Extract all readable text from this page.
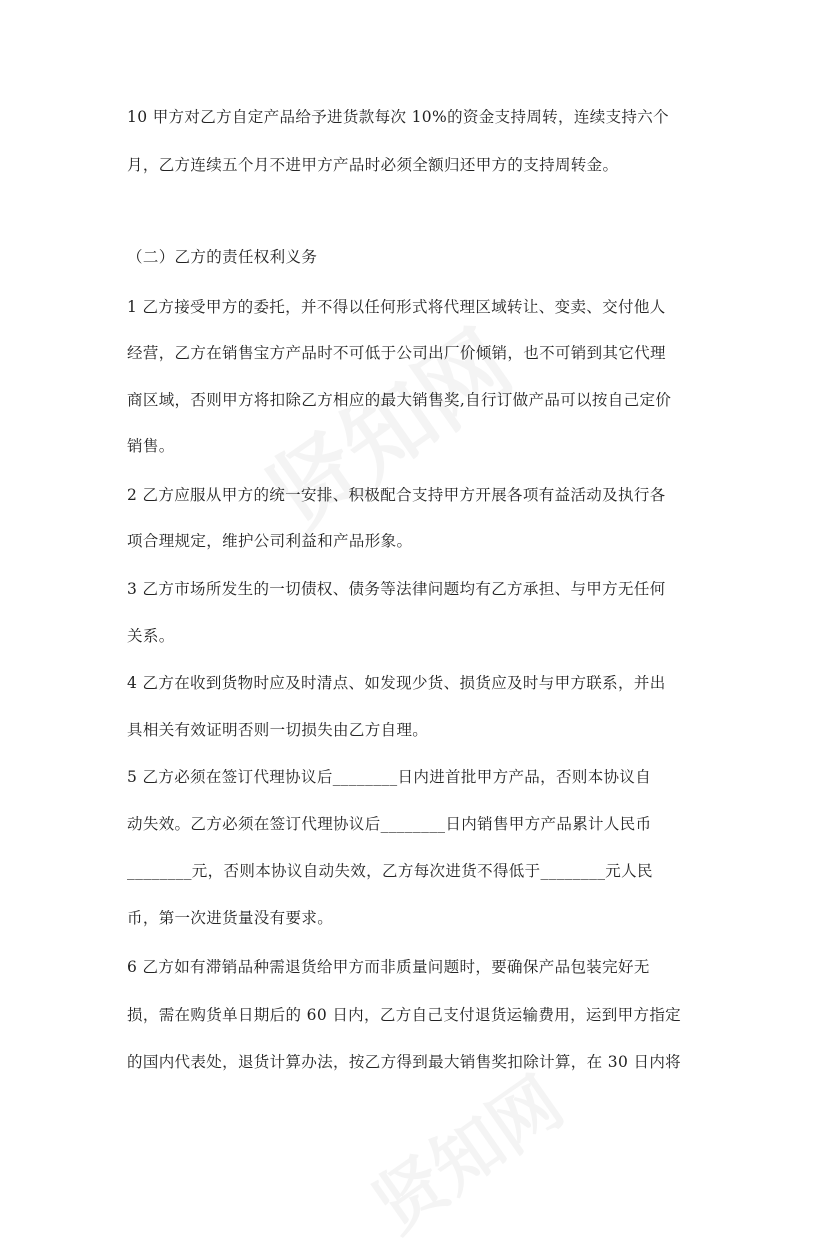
10 甲方对乙方自定产品给予进货款每次 10%的资金支持周转，连续支持六个
月，乙方连续五个月不进甲方产品时必须全额归还甲方的支持周转金。
（二）乙方的责任权利义务
1 乙方接受甲方的委托，并不得以任何形式将代理区域转让、变卖、交付他人
经营，乙方在销售宝方产品时不可低于公司出厂价倾销，也不可销到其它代理
商区域，否则甲方将扣除乙方相应的最大销售奖,自行订做产品可以按自己定价
销售。
2 乙方应服从甲方的统一安排、积极配合支持甲方开展各项有益活动及执行各
项合理规定，维护公司利益和产品形象。
3 乙方市场所发生的一切债权、债务等法律问题均有乙方承担、与甲方无任何
关系。
4 乙方在收到货物时应及时清点、如发现少货、损货应及时与甲方联系，并出
具相关有效证明否则一切损失由乙方自理。
5 乙方必须在签订代理协议后________日内进首批甲方产品，否则本协议自
动失效。乙方必须在签订代理协议后________日内销售甲方产品累计人民币
________元，否则本协议自动失效，乙方每次进货不得低于________元人民
币，第一次进货量没有要求。
6 乙方如有滞销品种需退货给甲方而非质量问题时，要确保产品包装完好无
损，需在购货单日期后的 60 日内，乙方自己支付退货运输费用，运到甲方指定
的国内代表处，退货计算办法，按乙方得到最大销售奖扣除计算，在 30 日内将
